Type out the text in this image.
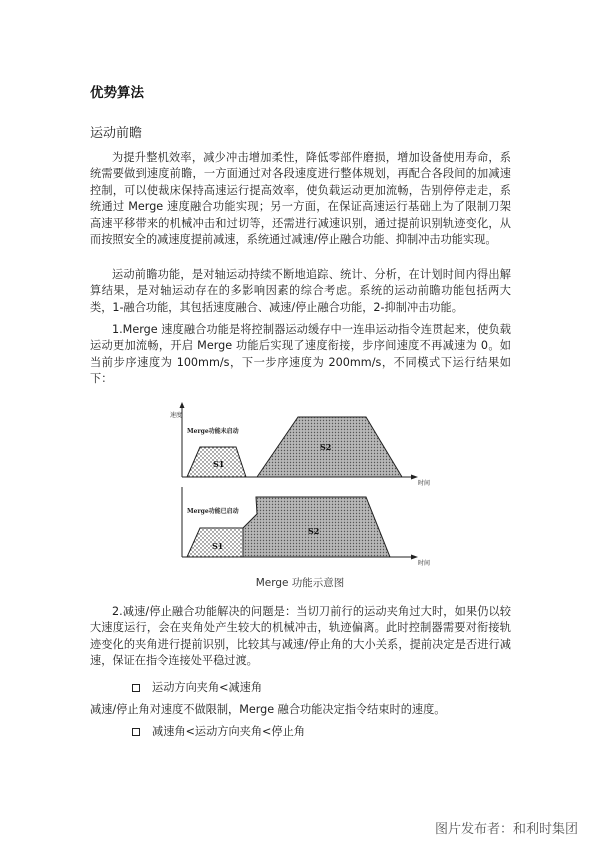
优势算法
运动前瞻

为提升整机效率，减少冲击增加柔性，降低零部件磨损，增加设备使用寿命，系统需要做到速度前瞻，一方面通过对各段速度进行整体规划，再配合各段间的加减速控制，可以使裁床保持高速运行提高效率，使负载运动更加流畅，告别停停走走，系统通过 Merge 速度融合功能实现；另一方面，在保证高速运行基础上为了限制刀架高速平移带来的机械冲击和过切等，还需进行减速识别，通过提前识别轨迹变化，从而按照安全的减速度提前减速，系统通过减速/停止融合功能、抑制冲击功能实现。

运动前瞻功能，是对轴运动持续不断地追踪、统计、分析，在计划时间内得出解算结果，是对轴运动存在的多影响因素的综合考虑。系统的运动前瞻功能包括两大类，1-融合功能，其包括速度融合、减速/停止融合功能，2-抑制冲击功能。

1.Merge 速度融合功能是将控制器运动缓存中一连串运动指令连贯起来，使负载运动更加流畅，开启 Merge 功能后实现了速度衔接，步序间速度不再减速为 0。如当前步序速度为 100mm/s，下一步序速度为 200mm/s，不同模式下运行结果如下：

速度
时间
Merge功能未启动
S1
S2
时间
Merge功能已启动
S1
S2
Merge 功能示意图

2.减速/停止融合功能解决的问题是：当切刀前行的运动夹角过大时，如果仍以较大速度运行，会在夹角处产生较大的机械冲击，轨迹偏离。此时控制器需要对衔接轨迹变化的夹角进行提前识别，比较其与减速/停止角的大小关系，提前决定是否进行减速，保证在指令连接处平稳过渡。

运动方向夹角<减速角
减速/停止角对速度不做限制，Merge 融合功能决定指令结束时的速度。
减速角<运动方向夹角<停止角
图片发布者：和利时集团
